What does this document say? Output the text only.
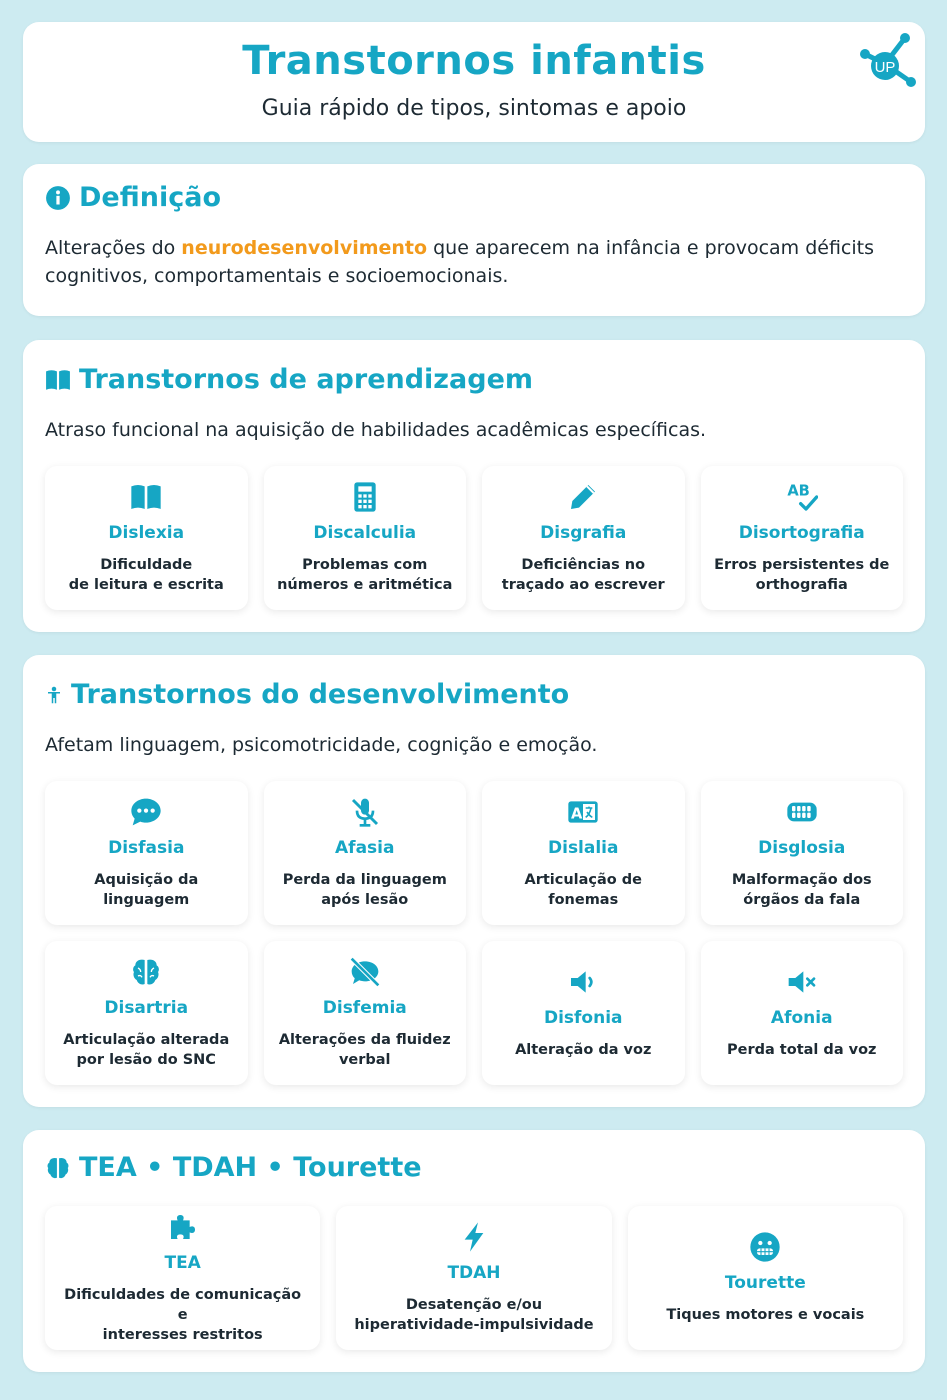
Transtornos infantis
Guia rápido de tipos, sintomas e apoio
UP
Definição
Alterações do neurodesenvolvimento que aparecem na infância e provocam déficits cognitivos, comportamentais e socioemocionais.
Transtornos de aprendizagem
Atraso funcional na aquisição de habilidades acadêmicas específicas.
Dislexia
Dificuldade
de leitura e escrita
Discalculia
Problemas com
números e aritmética
Disgrafia
Deficiências no
traçado ao escrever
AB
Disortografia
Erros persistentes de
orthografia
Transtornos do desenvolvimento
Afetam linguagem, psicomotricidade, cognição e emoção.
Disfasia
Aquisição da
linguagem
Afasia
Perda da linguagem
após lesão
A
Dislalia
Articulação de
fonemas
Disglosia
Malformação dos
órgãos da fala
Disartria
Articulação alterada
por lesão do SNC
Disfemia
Alterações da fluidez
verbal
Disfonia
Alteração da voz
Afonia
Perda total da voz
TEA • TDAH • Tourette
TEA
Dificuldades de comunicação e
interesses restritos
TDAH
Desatenção e/ou
hiperatividade-impulsividade
Tourette
Tiques motores e vocais
